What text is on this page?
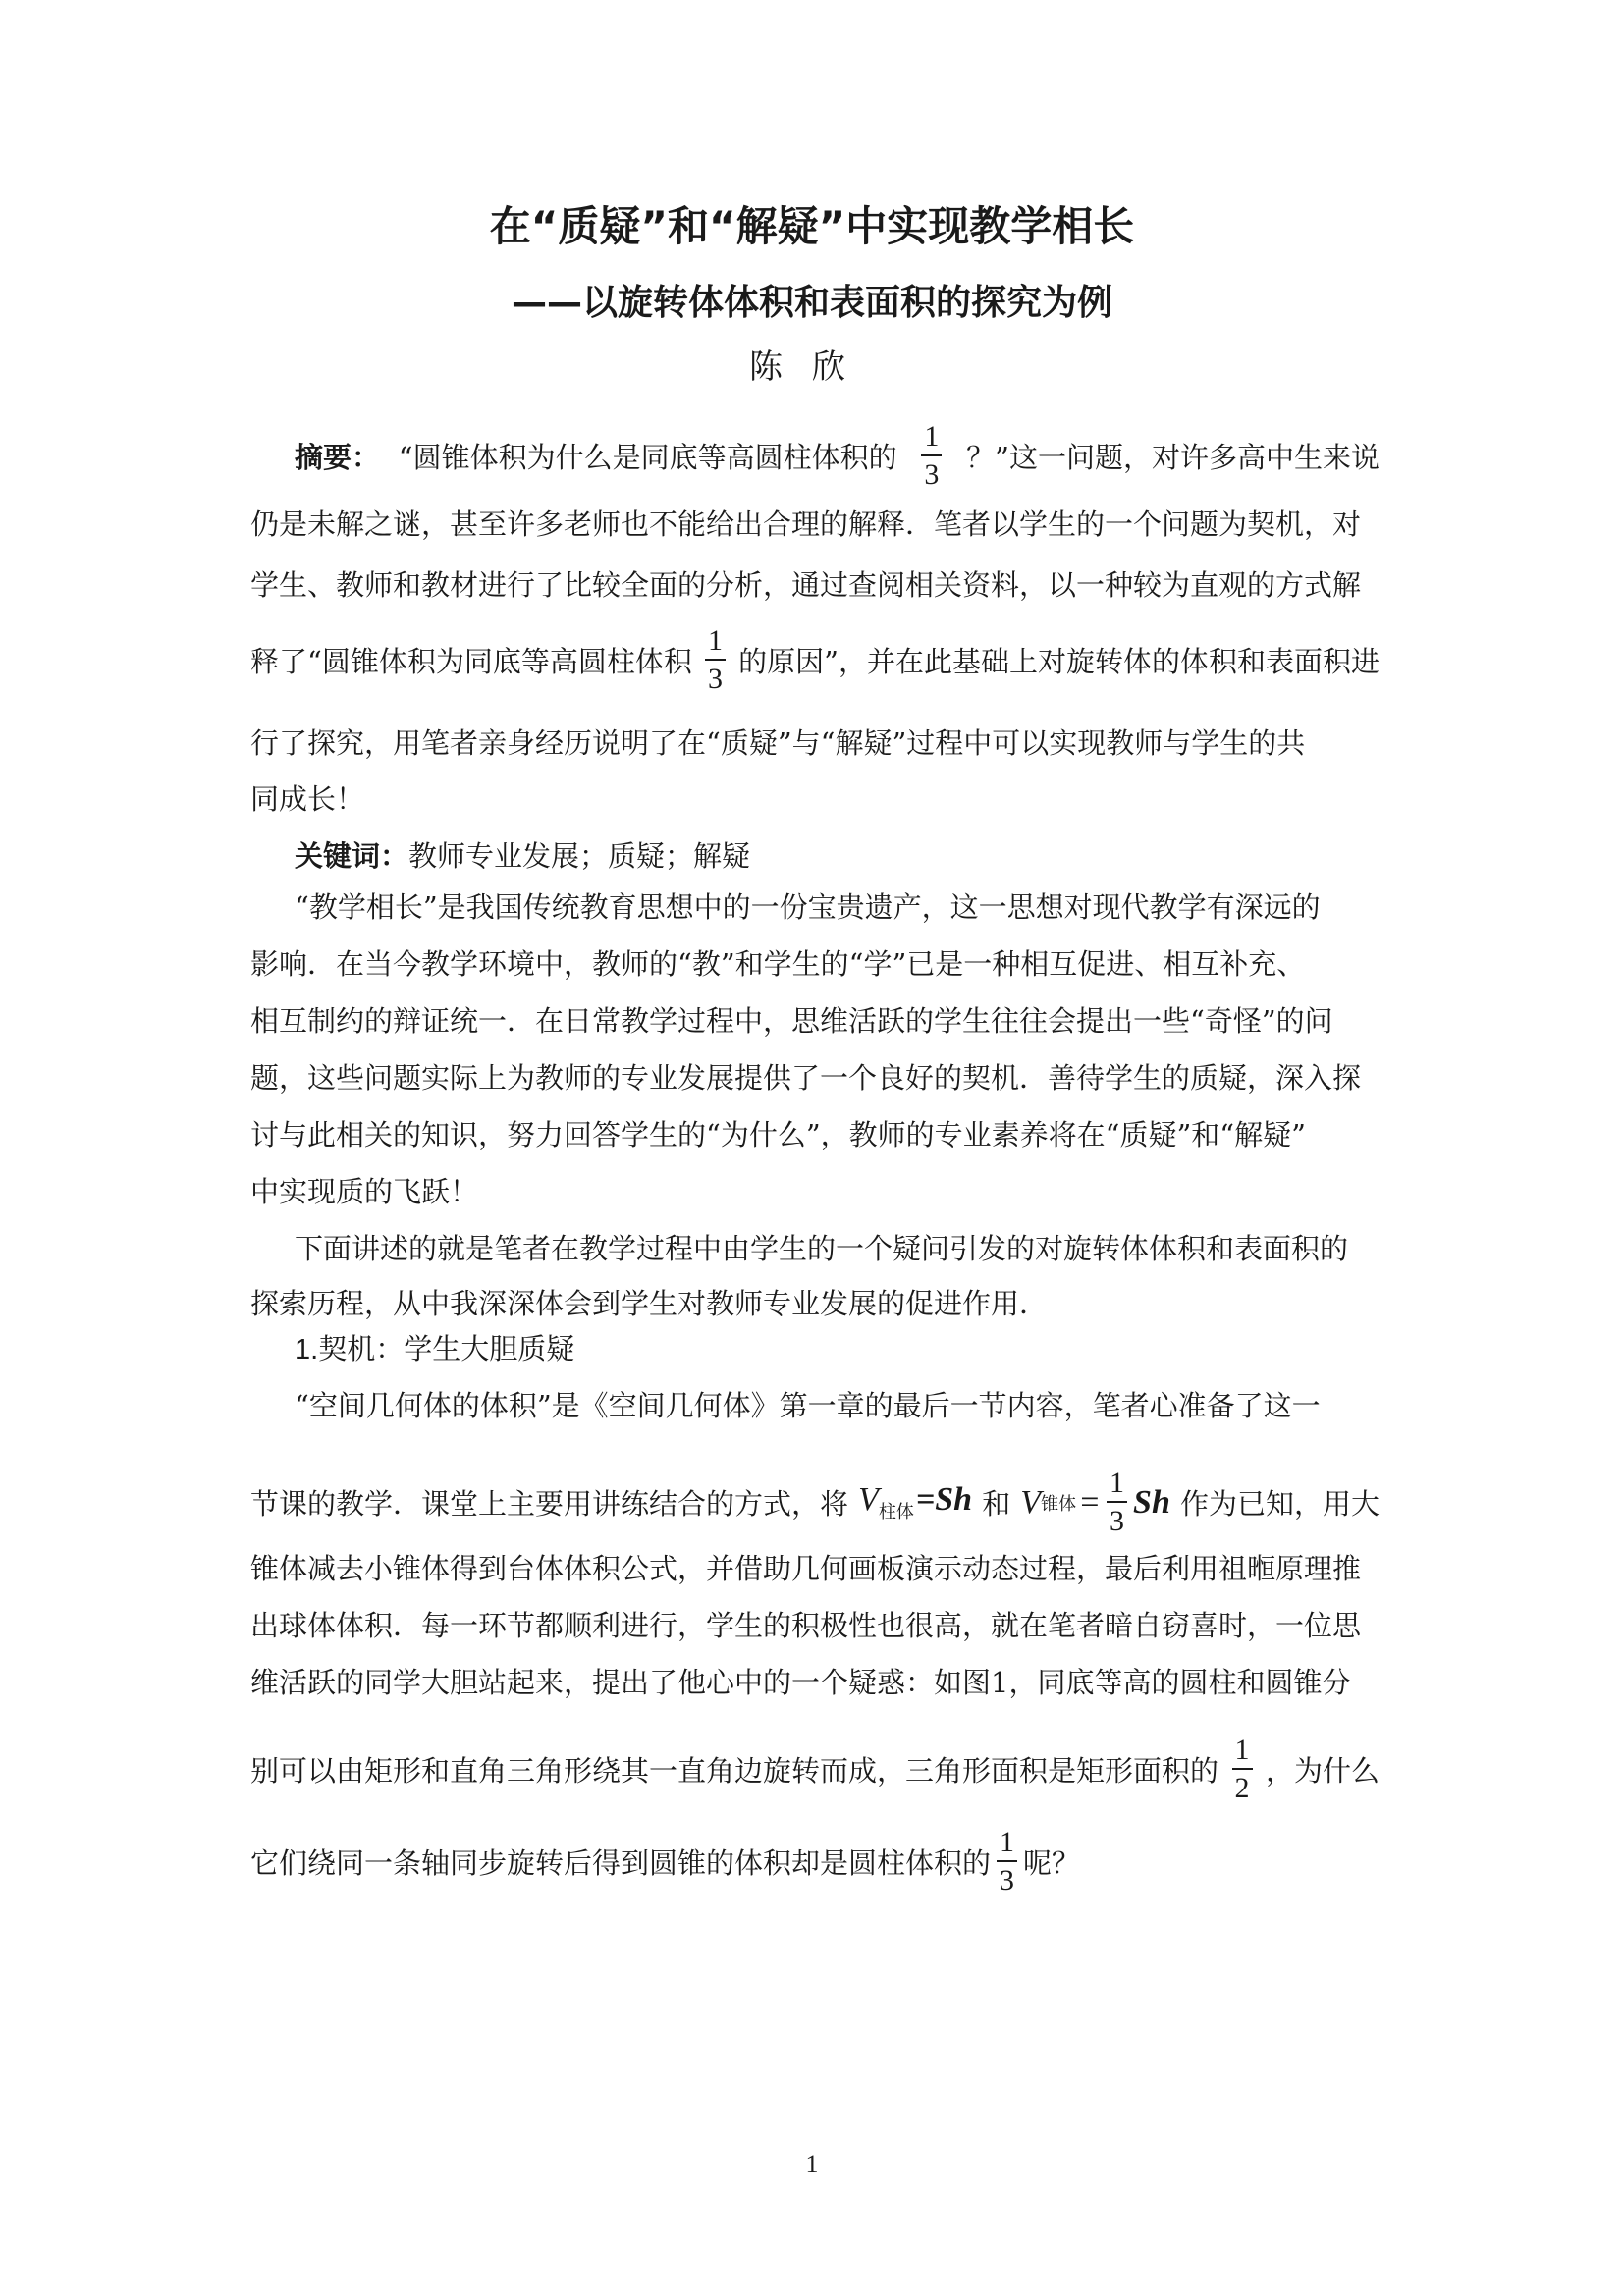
在“质疑”和“解疑”中实现教学相长
——以旋转体体积和表面积的探究为例
陈欣
摘要： “圆锥体积为什么是同底等高圆柱体积的 $\frac{1}{3}$ ？”这一问题，对许多高中生来说
仍是未解之谜，甚至许多老师也不能给出合理的解释．笔者以学生的一个问题为契机，对
学生、教师和教材进行了比较全面的分析，通过查阅相关资料，以一种较为直观的方式解
释了“圆锥体积为同底等高圆柱体积 $\frac{1}{3}$ 的原因”，并在此基础上对旋转体的体积和表面积进
行了探究，用笔者亲身经历说明了在“质疑”与“解疑”过程中可以实现教师与学生的共
同成长！
关键词： 教师专业发展；质疑；解疑
“教学相长”是我国传统教育思想中的一份宝贵遗产，这一思想对现代教学有深远的
影响．在当今教学环境中，教师的“教”和学生的“学”已是一种相互促进、相互补充、
相互制约的辩证统一．在日常教学过程中，思维活跃的学生往往会提出一些“奇怪”的问
题，这些问题实际上为教师的专业发展提供了一个良好的契机．善待学生的质疑，深入探
讨与此相关的知识，努力回答学生的“为什么”，教师的专业素养将在“质疑”和“解疑”
中实现质的飞跃！
下面讲述的就是笔者在教学过程中由学生的一个疑问引发的对旋转体体积和表面积的
探索历程，从中我深深体会到学生对教师专业发展的促进作用．
1.契机：学生大胆质疑
“空间几何体的体积”是《空间几何体》第一章的最后一节内容，笔者心准备了这一
节课的教学．课堂上主要用讲练结合的方式，将 $V_{柱体}=Sh$ 和 V 锥体 = $\frac{1}{3}$ Sh 作为已知，用大
锥体减去小锥体得到台体体积公式，并借助几何画板演示动态过程，最后利用祖暅原理推
出球体体积．每一环节都顺利进行，学生的积极性也很高，就在笔者暗自窃喜时，一位思
维活跃的同学大胆站起来，提出了他心中的一个疑惑：如图1，同底等高的圆柱和圆锥分
别可以由矩形和直角三角形绕其一直角边旋转而成，三角形面积是矩形面积的 $\frac{1}{2}$ ，为什么
它们绕同一条轴同步旋转后得到圆锥的体积却是圆柱体积的 $\frac{1}{3}$ 呢？
1
